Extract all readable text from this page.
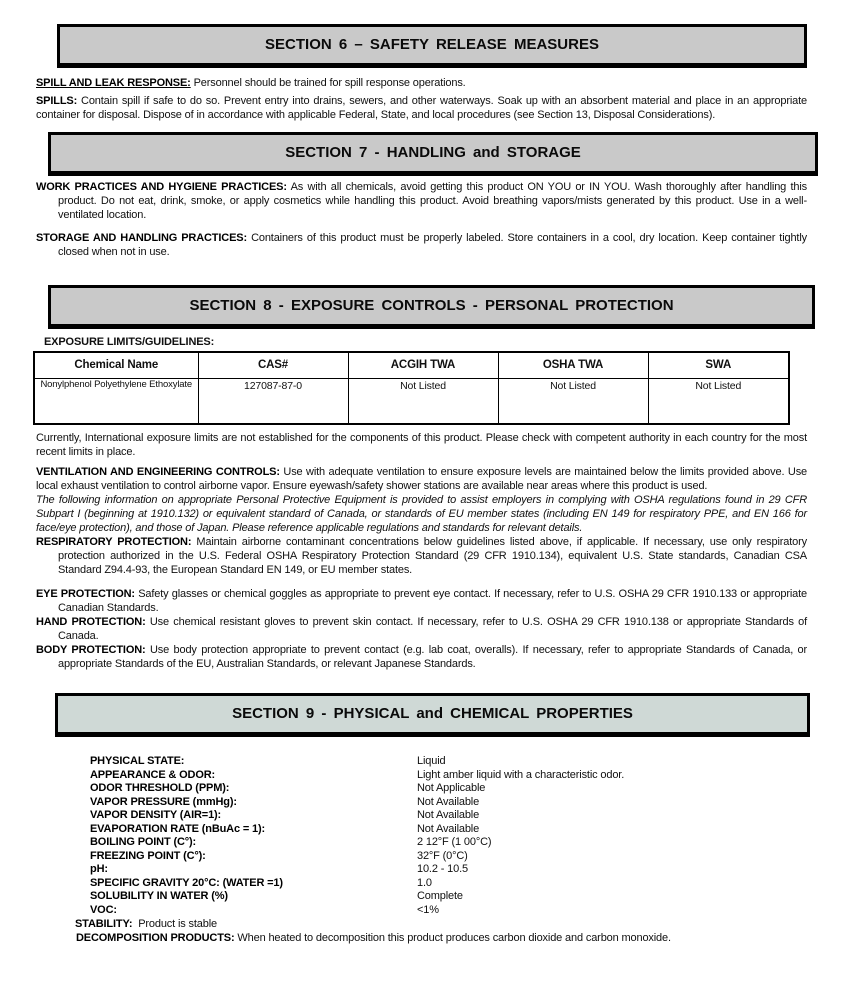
SECTION 6 – SAFETY RELEASE MEASURES

SPILL AND LEAK RESPONSE: Personnel should be trained for spill response operations.

SPILLS: Contain spill if safe to do so. Prevent entry into drains, sewers, and other waterways. Soak up with an absorbent material and place in an appropriate container for disposal. Dispose of in accordance with applicable Federal, State, and local procedures (see Section 13, Disposal Considerations).

SECTION 7 - HANDLING and STORAGE

WORK PRACTICES AND HYGIENE PRACTICES: As with all chemicals, avoid getting this product ON YOU or IN YOU. Wash thoroughly after handling this product. Do not eat, drink, smoke, or apply cosmetics while handling this product. Avoid breathing vapors/mists generated by this product. Use in a well-ventilated location.

STORAGE AND HANDLING PRACTICES: Containers of this product must be properly labeled. Store containers in a cool, dry location. Keep container tightly closed when not in use.

SECTION 8 - EXPOSURE CONTROLS - PERSONAL PROTECTION

EXPOSURE LIMITS/GUIDELINES:

Chemical Name	CAS#	ACGIH TWA	OSHA TWA	SWA
Nonylphenol Polyethylene Ethoxylate	127087-87-0	Not Listed	Not Listed	Not Listed

Currently, International exposure limits are not established for the components of this product. Please check with competent authority in each country for the most recent limits in place.

VENTILATION AND ENGINEERING CONTROLS: Use with adequate ventilation to ensure exposure levels are maintained below the limits provided above. Use local exhaust ventilation to control airborne vapor. Ensure eyewash/safety shower stations are available near areas where this product is used.

The following information on appropriate Personal Protective Equipment is provided to assist employers in complying with OSHA regulations found in 29 CFR Subpart I (beginning at 1910.132) or equivalent standard of Canada, or standards of EU member states (including EN 149 for respiratory PPE, and EN 166 for face/eye protection), and those of Japan. Please reference applicable regulations and standards for relevant details.

RESPIRATORY PROTECTION: Maintain airborne contaminant concentrations below guidelines listed above, if applicable. If necessary, use only respiratory protection authorized in the U.S. Federal OSHA Respiratory Protection Standard (29 CFR 1910.134), equivalent U.S. State standards, Canadian CSA Standard Z94.4-93, the European Standard EN 149, or EU member states.

EYE PROTECTION: Safety glasses or chemical goggles as appropriate to prevent eye contact. If necessary, refer to U.S. OSHA 29 CFR 1910.133 or appropriate Canadian Standards.

HAND PROTECTION: Use chemical resistant gloves to prevent skin contact. If necessary, refer to U.S. OSHA 29 CFR 1910.138 or appropriate Standards of Canada.

BODY PROTECTION: Use body protection appropriate to prevent contact (e.g. lab coat, overalls). If necessary, refer to appropriate Standards of Canada, or appropriate Standards of the EU, Australian Standards, or relevant Japanese Standards.

SECTION 9 - PHYSICAL and CHEMICAL PROPERTIES
PHYSICAL STATE:	Liquid
APPEARANCE & ODOR:	Light amber liquid with a characteristic odor.
ODOR THRESHOLD (PPM):	Not Applicable
VAPOR PRESSURE (mmHg):	Not Available
VAPOR DENSITY (AIR=1):	Not Available
EVAPORATION RATE (nBuAc = 1):	Not Available
BOILING POINT (C°):	2 12°F (1 00°C)
FREEZING POINT (C°):	32°F (0°C)
pH:	10.2 - 10.5
SPECIFIC GRAVITY 20°C: (WATER =1)	1.0
SOLUBILITY IN WATER (%)	Complete
VOC:	<1%

STABILITY: Product is stable

DECOMPOSITION PRODUCTS: When heated to decomposition this product produces carbon dioxide and carbon monoxide.
